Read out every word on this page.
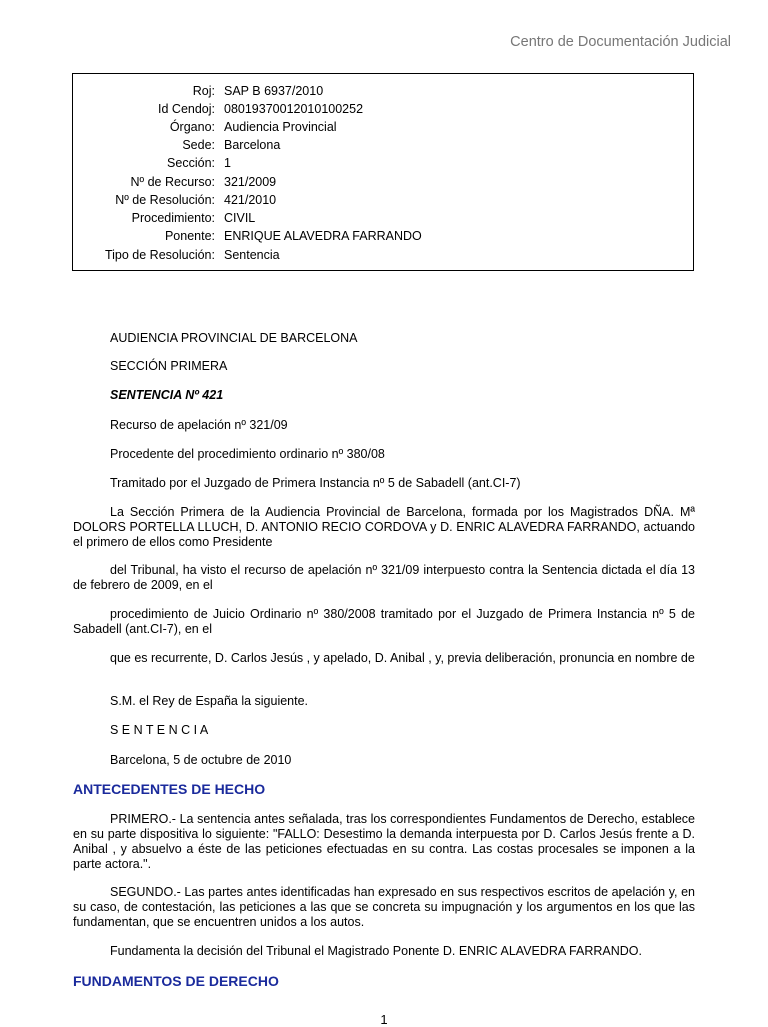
Centro de Documentación Judicial
Roj: SAP B 6937/2010
Id Cendoj: 08019370012010100252
Órgano: Audiencia Provincial
Sede: Barcelona
Sección: 1
Nº de Recurso: 321/2009
Nº de Resolución: 421/2010
Procedimiento: CIVIL
Ponente: ENRIQUE ALAVEDRA FARRANDO
Tipo de Resolución: Sentencia
AUDIENCIA PROVINCIAL DE BARCELONA
SECCIÓN PRIMERA
SENTENCIA Nº 421
Recurso de apelación nº 321/09
Procedente del procedimiento ordinario nº 380/08
Tramitado por el Juzgado de Primera Instancia nº 5 de Sabadell (ant.CI-7)
La Sección Primera de la Audiencia Provincial de Barcelona, formada por los Magistrados DÑA. Mª DOLORS PORTELLA LLUCH, D. ANTONIO RECIO CORDOVA y D. ENRIC ALAVEDRA FARRANDO, actuando el primero de ellos como Presidente
del Tribunal, ha visto el recurso de apelación nº 321/09 interpuesto contra la Sentencia dictada el día 13 de febrero de 2009, en el
procedimiento de Juicio Ordinario nº 380/2008 tramitado por el Juzgado de Primera Instancia nº 5 de Sabadell (ant.CI-7), en el
que es recurrente, D. Carlos Jesús , y apelado, D. Anibal , y, previa deliberación, pronuncia en nombre de
S.M. el Rey de España la siguiente.
S E N T E N C I A
Barcelona, 5 de octubre de 2010
ANTECEDENTES DE HECHO
PRIMERO.- La sentencia antes señalada, tras los correspondientes Fundamentos de Derecho, establece en su parte dispositiva lo siguiente: "FALLO: Desestimo la demanda interpuesta por D. Carlos Jesús frente a D. Anibal , y absuelvo a éste de las peticiones efectuadas en su contra. Las costas procesales se imponen a la parte actora.".
SEGUNDO.- Las partes antes identificadas han expresado en sus respectivos escritos de apelación y, en su caso, de contestación, las peticiones a las que se concreta su impugnación y los argumentos en los que las fundamentan, que se encuentren unidos a los autos.
Fundamenta la decisión del Tribunal el Magistrado Ponente D. ENRIC ALAVEDRA FARRANDO.
FUNDAMENTOS DE DERECHO
1
